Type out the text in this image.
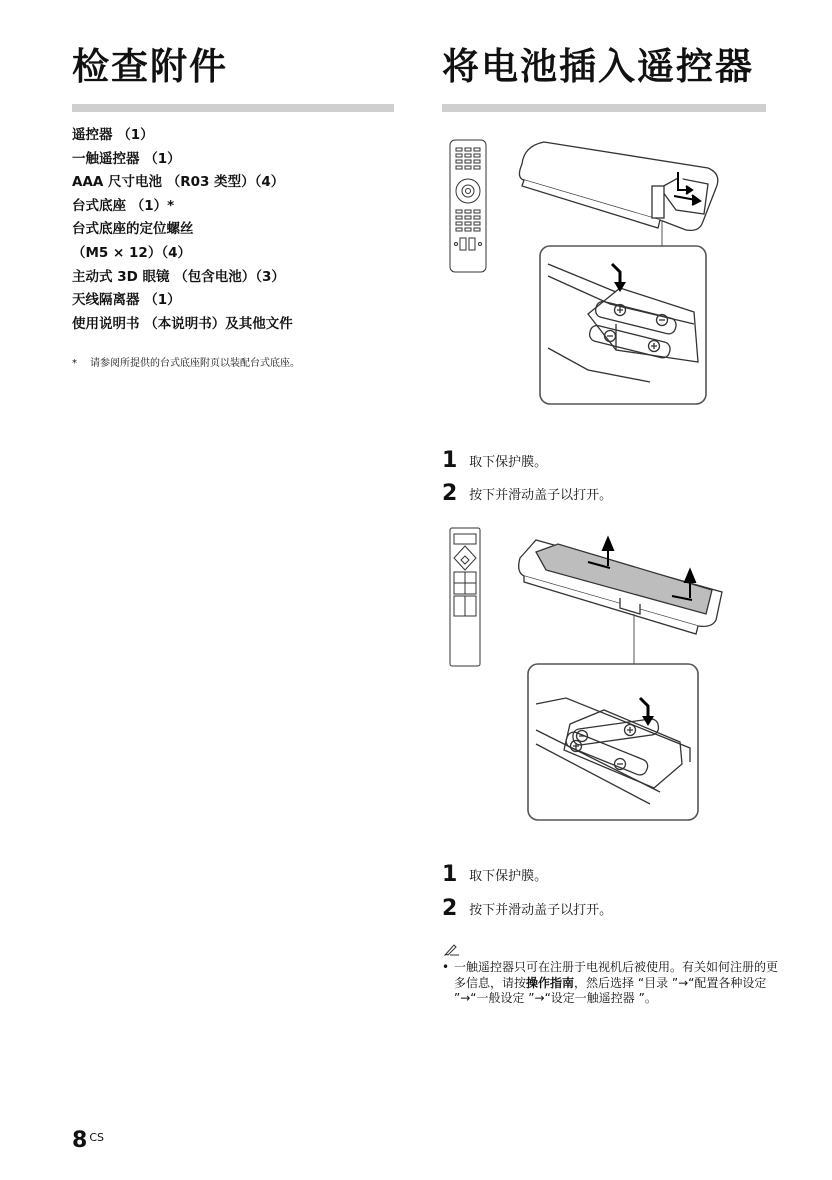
检查附件
遥控器 （1）
一触遥控器 （1）
AAA 尺寸电池 （R03 类型）（4）
台式底座 （1）*
台式底座的定位螺丝
（M5 × 12）（4）
主动式 3D 眼镜 （包含电池）（3）
天线隔离器 （1）
使用说明书 （本说明书）及其他文件
* 请参阅所提供的台式底座附页以装配台式底座。
将电池插入遥控器
1 取下保护膜。
2 按下并滑动盖子以打开。
1 取下保护膜。
2 按下并滑动盖子以打开。
• 一触遥控器只可在注册于电视机后被使用。有关如何注册的更多信息，请按操作指南，然后选择 “目录 ”→“配置各种设定 ”→“一般设定 ”→“设定一触遥控器 ”。
8 $^{CS}$
